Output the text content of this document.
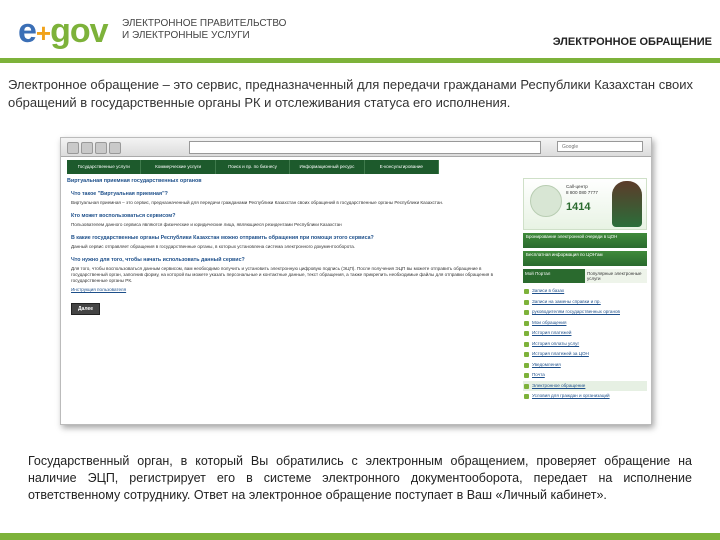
e+gov ЭЛЕКТРОННОЕ ПРАВИТЕЛЬСТВО
И ЭЛЕКТРОННЫЕ УСЛУГИ
ЭЛЕКТРОННОЕ ОБРАЩЕНИЕ
Электронное обращение – это сервис, предназначенный для передачи гражданами Республики Казахстан своих обращений в государственные органы РК и отслеживания статуса его исполнения.
Google
Государственные услуги	Коммерческие услуги	Поиск и пр. по бизнесу	Информационный ресурс	Е-консультирование
Виртуальная приемная государственных органов
Что такое "Виртуальная приемная"?
Виртуальная приемная – это сервис, предназначенный для передачи гражданами Республики Казахстан своих обращений в государственные органы Республики Казахстан.
Кто может воспользоваться сервисом?
Пользователем данного сервиса являются физические и юридические лица, являющиеся резидентами Республики Казахстан
В какие государственные органы Республики Казахстан можно отправить обращения при помощи этого сервиса?
Данный сервис отправляет обращения в государственные органы, в которых установлена система электронного документооборота.
Что нужно для того, чтобы начать использовать данный сервис?
Для того, чтобы воспользоваться данным сервисом, вам необходимо получить и установить электронную цифровую подпись (ЭЦП). После получения ЭЦП вы можете отправить обращение в государственный орган, заполнив форму, на которой вы можете указать персональные и контактные данные, текст обращения, а также прикрепить необходимые файлы для отправки обращения в государственные органы РК.
Инструкция пользователя
Далее
Call-центр
8 800 080 7777
1414
Бронирование электронной очереди в ЦОН
Бесплатная информация по ЦОН'ам
Мой Портал	Популярные электронные услуги
Записи в базах
Записи на замены справки и пр.
руководителям государственных органов
Мои обращения
История платежей
История оплаты услуг
История платежей за ЦОН
Уведомления
Почта
Электронное обращение
Условия для граждан и организаций
Государственный орган, в который Вы обратились с электронным обращением, проверяет обращение на наличие ЭЦП, регистрирует его в системе электронного документооборота, передает на исполнение ответственному сотруднику. Ответ на электронное обращение поступает в Ваш «Личный кабинет».
